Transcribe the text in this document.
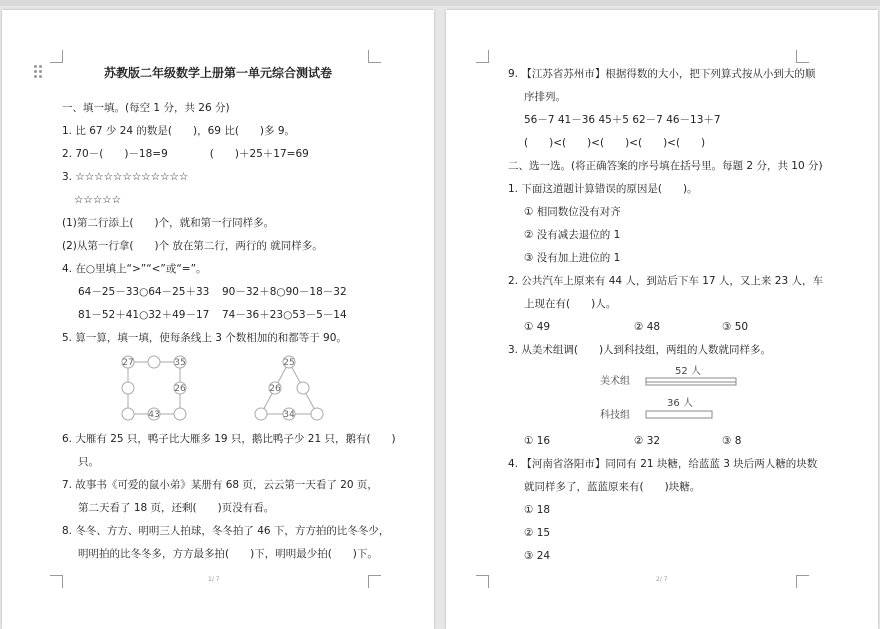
苏教版二年级数学上册第一单元综合测试卷
一、填一填。(每空 1 分，共 26 分)
1. 比 67 少 24 的数是(　　)，69 比(　　)多 9。
2. 70－(　　)－18=9　　　　(　　)＋25＋17=69
3. ☆☆☆☆☆☆☆☆☆☆☆☆
☆☆☆☆☆
(1)第二行添上(　　)个，就和第一行同样多。
(2)从第一行拿(　　)个 放在第二行，两行的 就同样多。
4. 在○里填上“>”“<”或“=”。
64－25－33○64－25＋33 90－32＋8○90－18－32
81－52＋41○32＋49－17 74－36＋23○53－5－14
5. 算一算，填一填，使每条线上 3 个数相加的和都等于 90。
27	35
26
43
25
26
34
6. 大雁有 25 只，鸭子比大雁多 19 只，鹅比鸭子少 21 只，鹅有(　　)
只。
7. 故事书《可爱的鼠小弟》某册有 68 页，云云第一天看了 20 页，
第二天看了 18 页，还剩(　　)页没有看。
8. 冬冬、方方、明明三人拍球，冬冬拍了 46 下，方方拍的比冬冬少，
明明拍的比冬冬多，方方最多拍(　　)下，明明最少拍(　　)下。
1/ 7
9. 【江苏省苏州市】根据得数的大小，把下列算式按从小到大的顺
序排列。
56－7 41－36 45＋5 62－7 46－13＋7
(　　)<(　　)<(　　)<(　　)<(　　)
二、选一选。(将正确答案的序号填在括号里。每题 2 分，共 10 分)
1. 下面这道题计算错误的原因是(　　)。
① 相同数位没有对齐
② 没有减去退位的 1
③ 没有加上进位的 1
2. 公共汽车上原来有 44 人，到站后下车 17 人，又上来 23 人，车
上现在有(　　)人。
① 49	② 48	③ 50
3. 从美术组调(　　)人到科技组，两组的人数就同样多。
美术组
52 人
科技组
36 人
① 16	② 32	③ 8
4. 【河南省洛阳市】同同有 21 块糖，给蓝蓝 3 块后两人糖的块数
就同样多了，蓝蓝原来有(　　)块糖。
① 18
② 15
③ 24
2/ 7
